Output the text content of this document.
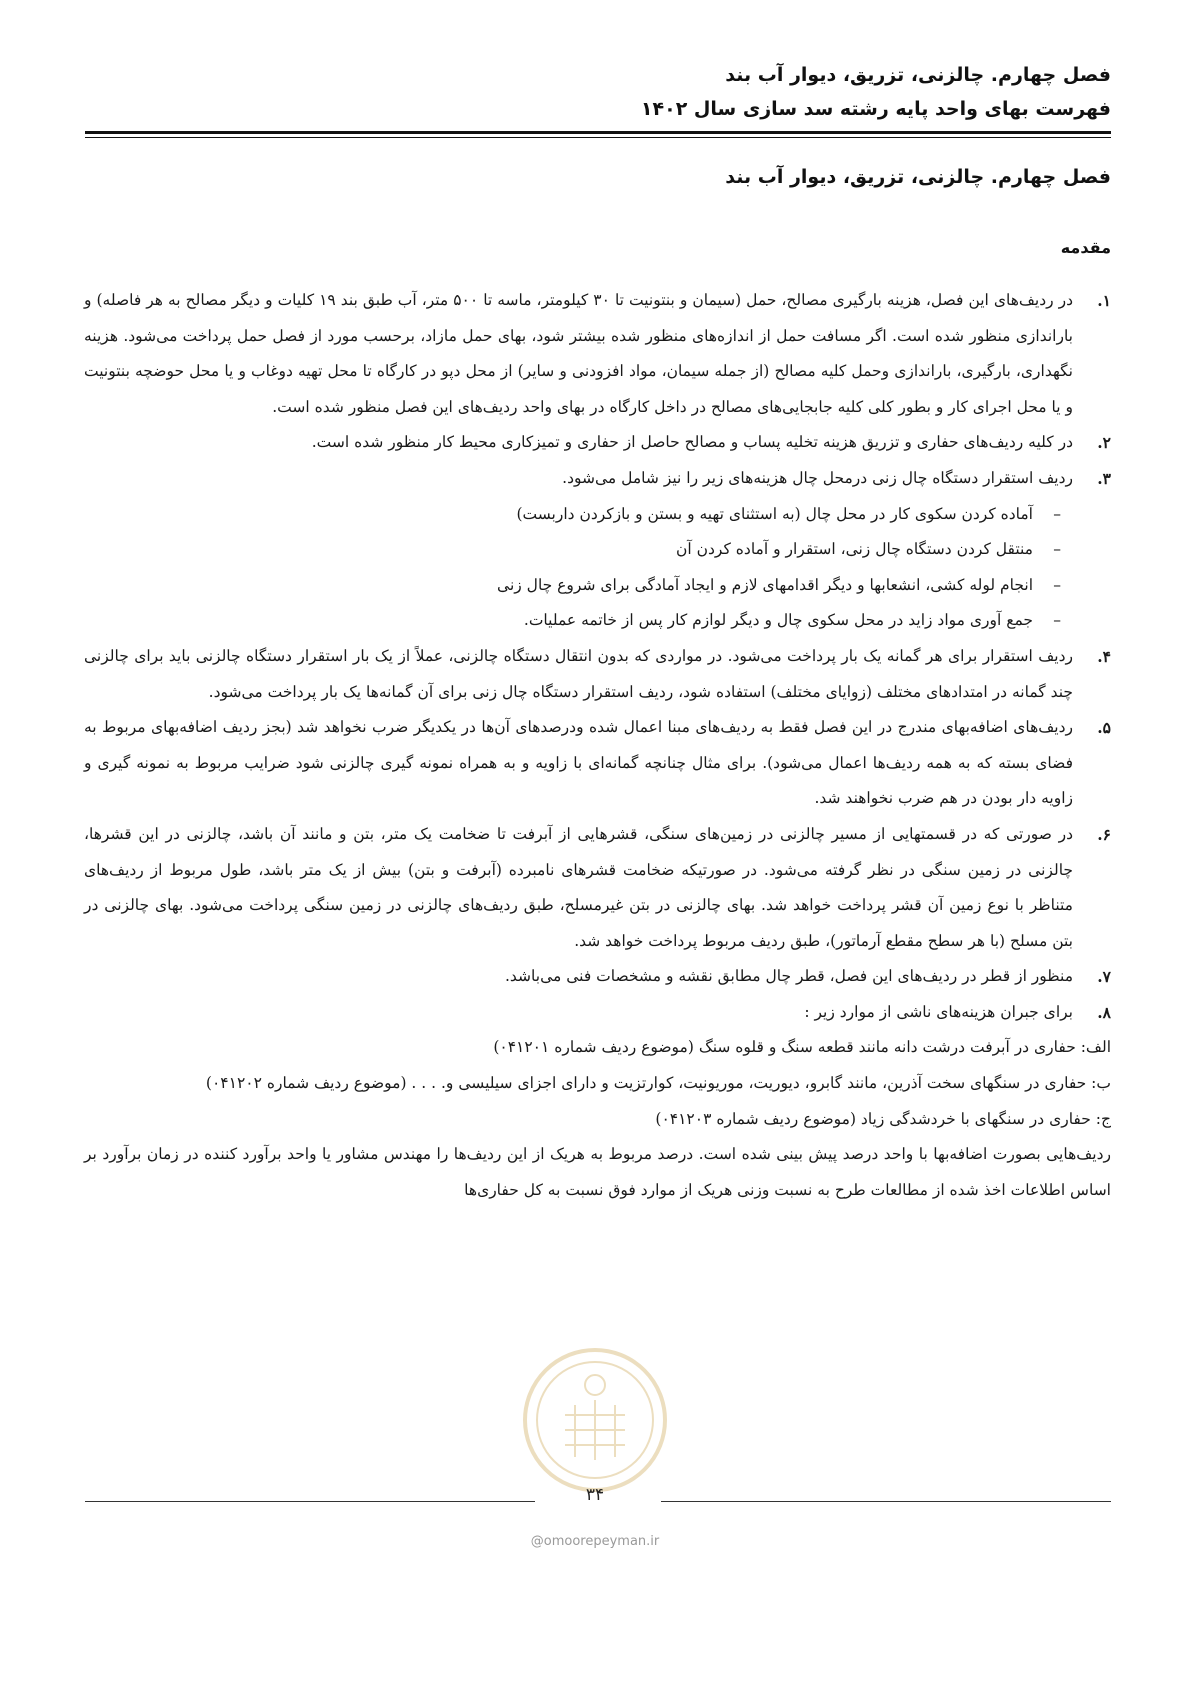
فصل چهارم. چالزنی، تزریق، دیوار آب بند
فهرست بهای واحد پایه رشته سد سازی سال ۱۴۰۲
فصل چهارم. چالزنی، تزریق، دیوار آب بند
مقدمه

۱.
در ردیف‌های این فصل، هزینه بارگیری مصالح، حمل (سیمان و بنتونیت تا ۳۰ کیلومتر، ماسه تا ۵۰۰ متر، آب طبق بند ۱۹ کلیات و دیگر مصالح به هر فاصله) و باراندازی منظور شده است. اگر مسافت حمل از اندازه‌های منظور شده بیشتر شود، بهای حمل مازاد، برحسب مورد از فصل حمل پرداخت می‌شود. هزینه نگهداری، بارگیری، باراندازی وحمل کلیه مصالح (از جمله سیمان، مواد افزودنی و سایر) از محل دپو در کارگاه تا محل تهیه دوغاب و یا محل حوضچه بنتونیت و یا محل اجرای کار و بطور کلی کلیه جابجایی‌های مصالح در داخل کارگاه در بهای واحد ردیف‌های این فصل منظور شده است.

۲.
در کلیه ردیف‌های حفاری و تزریق هزینه تخلیه پساب و مصالح حاصل از حفاری و تمیزکاری محیط کار منظور شده است.

۳.
ردیف استقرار دستگاه چال زنی درمحل چال هزینه‌های زیر را نیز شامل می‌شود.

–
آماده کردن سکوی کار در محل چال (به استثنای تهیه و بستن و بازکردن داربست)

–
منتقل کردن دستگاه چال زنی، استقرار و آماده کردن آن

–
انجام لوله کشی، انشعابها و دیگر اقدامهای لازم و ایجاد آمادگی برای شروع چال زنی

–
جمع آوری مواد زاید در محل سکوی چال و دیگر لوازم کار پس از خاتمه عملیات.

۴.
ردیف استقرار برای هر گمانه یک بار پرداخت می‌شود. در مواردی که بدون انتقال دستگاه چالزنی، عملاً از یک بار استقرار دستگاه چالزنی باید برای چالزنی چند گمانه در امتدادهای مختلف (زوایای مختلف) استفاده شود، ردیف استقرار دستگاه چال زنی برای آن گمانه‌ها یک بار پرداخت می‌شود.

۵.
ردیف‌های اضافه‌بهای مندرج در این فصل فقط به ردیف‌های مبنا اعمال شده ودرصدهای آن‌ها در یکدیگر ضرب نخواهد شد (بجز ردیف اضافه‌بهای مربوط به فضای بسته که به همه ردیف‌ها اعمال می‌شود). برای مثال چنانچه گمانه‌ای با زاویه و به همراه نمونه گیری چالزنی شود ضرایب مربوط به نمونه گیری و زاویه دار بودن در هم ضرب نخواهند شد.

۶.
در صورتی که در قسمتهایی از مسیر چالزنی در زمین‌های سنگی، قشرهایی از آبرفت تا ضخامت یک متر، بتن و مانند آن باشد، چالزنی در این قشرها، چالزنی در زمین سنگی در نظر گرفته می‌شود. در صورتیکه ضخامت قشرهای نامبرده (آبرفت و بتن) بیش از یک متر باشد، طول مربوط از ردیف‌های متناظر با نوع زمین آن قشر پرداخت خواهد شد. بهای چالزنی در بتن غیرمسلح، طبق ردیف‌های چالزنی در زمین سنگی پرداخت می‌شود. بهای چالزنی در بتن مسلح (با هر سطح مقطع آرماتور)، طبق ردیف مربوط پرداخت خواهد شد.

۷.
منظور از قطر در ردیف‌های این فصل، قطر چال مطابق نقشه و مشخصات فنی می‌باشد.

۸.
برای جبران هزینه‌های ناشی از موارد زیر :

الف: حفاری در آبرفت درشت دانه مانند قطعه سنگ و قلوه سنگ (موضوع ردیف شماره ۰۴۱۲۰۱)

ب: حفاری در سنگهای سخت آذرین، مانند گابرو، دیوریت، موریونیت، کوارتزیت و دارای اجزای سیلیسی و. . . . (موضوع ردیف شماره ۰۴۱۲۰۲)

ج: حفاری در سنگهای با خردشدگی زیاد (موضوع ردیف شماره ۰۴۱۲۰۳)

ردیف‌هایی بصورت اضافه‌بها با واحد درصد پیش بینی شده است. درصد مربوط به هریک از این ردیف‌ها را مهندس مشاور یا واحد برآورد کننده در زمان برآورد بر اساس اطلاعات اخذ شده از مطالعات طرح به نسبت وزنی هریک از موارد فوق نسبت به کل حفاری‌ها

۳۴
@omoorepeyman.ir
